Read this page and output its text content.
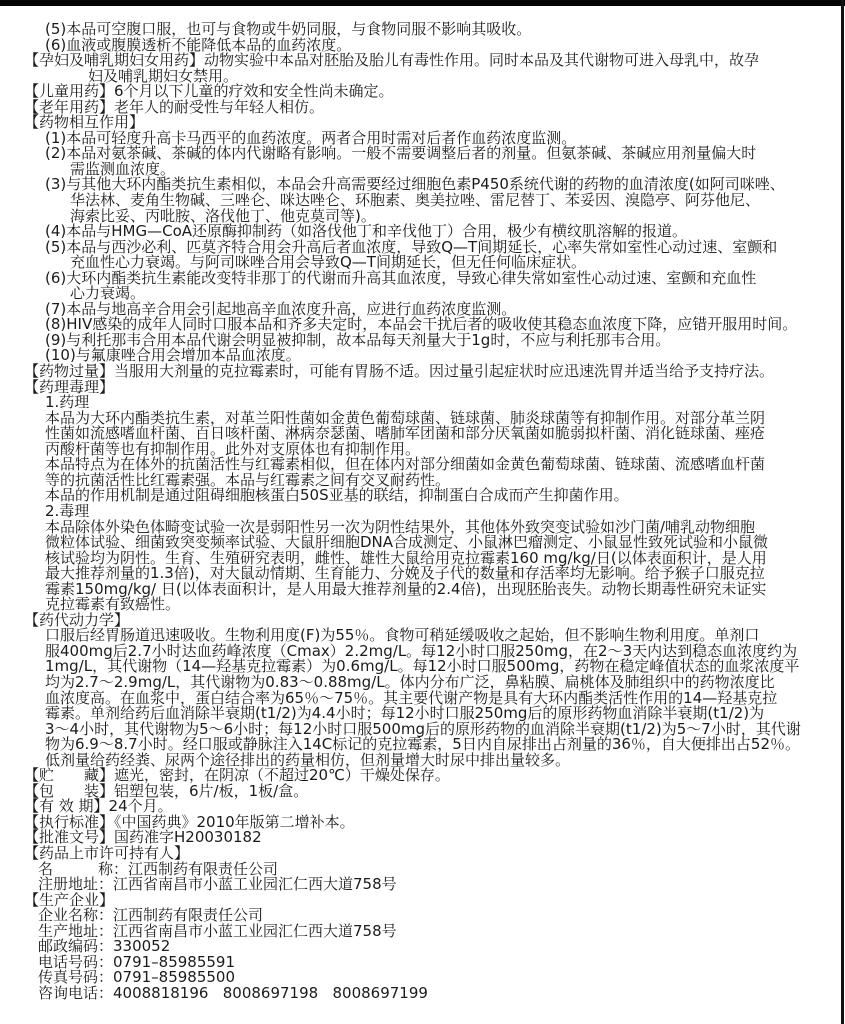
(5)本品可空腹口服，也可与食物或牛奶同服，与食物同服不影响其吸收。
(6)血液或腹膜透析不能降低本品的血药浓度。
【孕妇及哺乳期妇女用药】动物实验中本品对胚胎及胎儿有毒性作用。同时本品及其代谢物可进入母乳中，故孕
妇及哺乳期妇女禁用。
【儿童用药】6个月以下儿童的疗效和安全性尚未确定。
【老年用药】老年人的耐受性与年轻人相仿。
【药物相互作用】
(1)本品可轻度升高卡马西平的血药浓度。两者合用时需对后者作血药浓度监测。
(2)本品对氨茶碱、茶碱的体内代谢略有影响。一般不需要调整后者的剂量。但氨茶碱、茶碱应用剂量偏大时
需监测血浓度。
(3)与其他大环内酯类抗生素相似，本品会升高需要经过细胞色素P450系统代谢的药物的血清浓度(如阿司咪唑、
华法林、麦角生物碱、三唑仑、咪达唑仑、环胞素、奥美拉唑、雷尼替丁、苯妥因、溴隐亭、阿芬他尼、
海索比妥、丙吡胺、洛伐他丁、他克莫司等)。
(4)本品与HMG—CoA还原酶抑制药（如洛伐他丁和辛伐他丁）合用，极少有横纹肌溶解的报道。
(5)本品与西沙必利、匹莫齐特合用会升高后者血浓度，导致Q—T间期延长，心率失常如室性心动过速、室颤和
充血性心力衰竭。与阿司咪唑合用会导致Q—T间期延长，但无任何临床症状。
(6)大环内酯类抗生素能改变特非那丁的代谢而升高其血浓度，导致心律失常如室性心动过速、室颤和充血性
心力衰竭。
(7)本品与地高辛合用会引起地高辛血浓度升高，应进行血药浓度监测。
(8)HIV感染的成年人同时口服本品和齐多夫定时，本品会干扰后者的吸收使其稳态血浓度下降，应错开服用时间。
(9)与利托那韦合用本品代谢会明显被抑制，故本品每天剂量大于1g时，不应与利托那韦合用。
(10)与氟康唑合用会增加本品血浓度。
【药物过量】当服用大剂量的克拉霉素时，可能有胃肠不适。因过量引起症状时应迅速洗胃并适当给予支持疗法。
【药理毒理】
1.药理
本品为大环内酯类抗生素，对革兰阳性菌如金黄色葡萄球菌、链球菌、肺炎球菌等有抑制作用。对部分革兰阴
性菌如流感嗜血杆菌、百日咳杆菌、淋病奈瑟菌、嗜肺军团菌和部分厌氧菌如脆弱拟杆菌、消化链球菌、痤疮
丙酸杆菌等也有抑制作用。此外对支原体也有抑制作用。
本品特点为在体外的抗菌活性与红霉素相似，但在体内对部分细菌如金黄色葡萄球菌、链球菌、流感嗜血杆菌
等的抗菌活性比红霉素强。本品与红霉素之间有交叉耐药性。
本品的作用机制是通过阻碍细胞核蛋白50S亚基的联结，抑制蛋白合成而产生抑菌作用。
2.毒理
本品除体外染色体畸变试验一次是弱阳性另一次为阴性结果外，其他体外致突变试验如沙门菌/哺乳动物细胞
微粒体试验、细菌致突变频率试验、大鼠肝细胞DNA合成测定、小鼠淋巴瘤测定、小鼠显性致死试验和小鼠微
核试验均为阴性。生育、生殖研究表明，雌性、雄性大鼠给用克拉霉素160 mg/kg/日(以体表面积计，是人用
最大推荐剂量的1.3倍)，对大鼠动情期、生育能力、分娩及子代的数量和存活率均无影响。给予猴子口服克拉
霉素150mg/kg/ 日(以体表面积计，是人用最大推荐剂量的2.4倍)，出现胚胎丧失。动物长期毒性研究未证实
克拉霉素有致癌性。
【药代动力学】
口服后经胃肠道迅速吸收。生物利用度(F)为55％。食物可稍延缓吸收之起始，但不影响生物利用度。单剂口
服400mg后2.7小时达血药峰浓度（Cmax）2.2mg/L。每12小时口服250mg，在2～3天内达到稳态血浓度约为
1mg/L，其代谢物（14—羟基克拉霉素）为0.6mg/L。每12小时口服500mg，药物在稳定峰值状态的血浆浓度平
均为2.7～2.9mg/L，其代谢物为0.83～0.88mg/L。体内分布广泛，鼻粘膜、扁桃体及肺组织中的药物浓度比
血浓度高。在血浆中，蛋白结合率为65％～75％。其主要代谢产物是具有大环内酯类活性作用的14—羟基克拉
霉素。单剂给药后血消除半衰期(t1/2)为4.4小时；每12小时口服250mg后的原形药物血消除半衰期(t1/2)为
3～4小时，其代谢物为5～6小时；每12小时口服500mg后的原形药物的血消除半衰期(t1/2)为5～7小时，其代谢
物为6.9～8.7小时。经口服或静脉注入14C标记的克拉霉素，5日内自尿排出占剂量的36％，自大便排出占52％。
低剂量给药经粪、尿两个途径排出的药量相仿，但剂量增大时尿中排出量较多。
【贮　　藏】遮光，密封，在阴凉（不超过20℃）干燥处保存。
【包　　装】铝塑包装，6片/板，1板/盒。
【有 效 期】24个月。
【执行标准】《中国药典》2010年版第二增补本。
【批准文号】国药准字H20030182
【药品上市许可持有人】
名　　　称：江西制药有限责任公司
注册地址：江西省南昌市小蓝工业园汇仁西大道758号
【生产企业】
企业名称：江西制药有限责任公司
生产地址：江西省南昌市小蓝工业园汇仁西大道758号
邮政编码：330052
电话号码：0791–85985591
传真号码：0791–85985500
咨询电话：4008818196   8008697198   8008697199
